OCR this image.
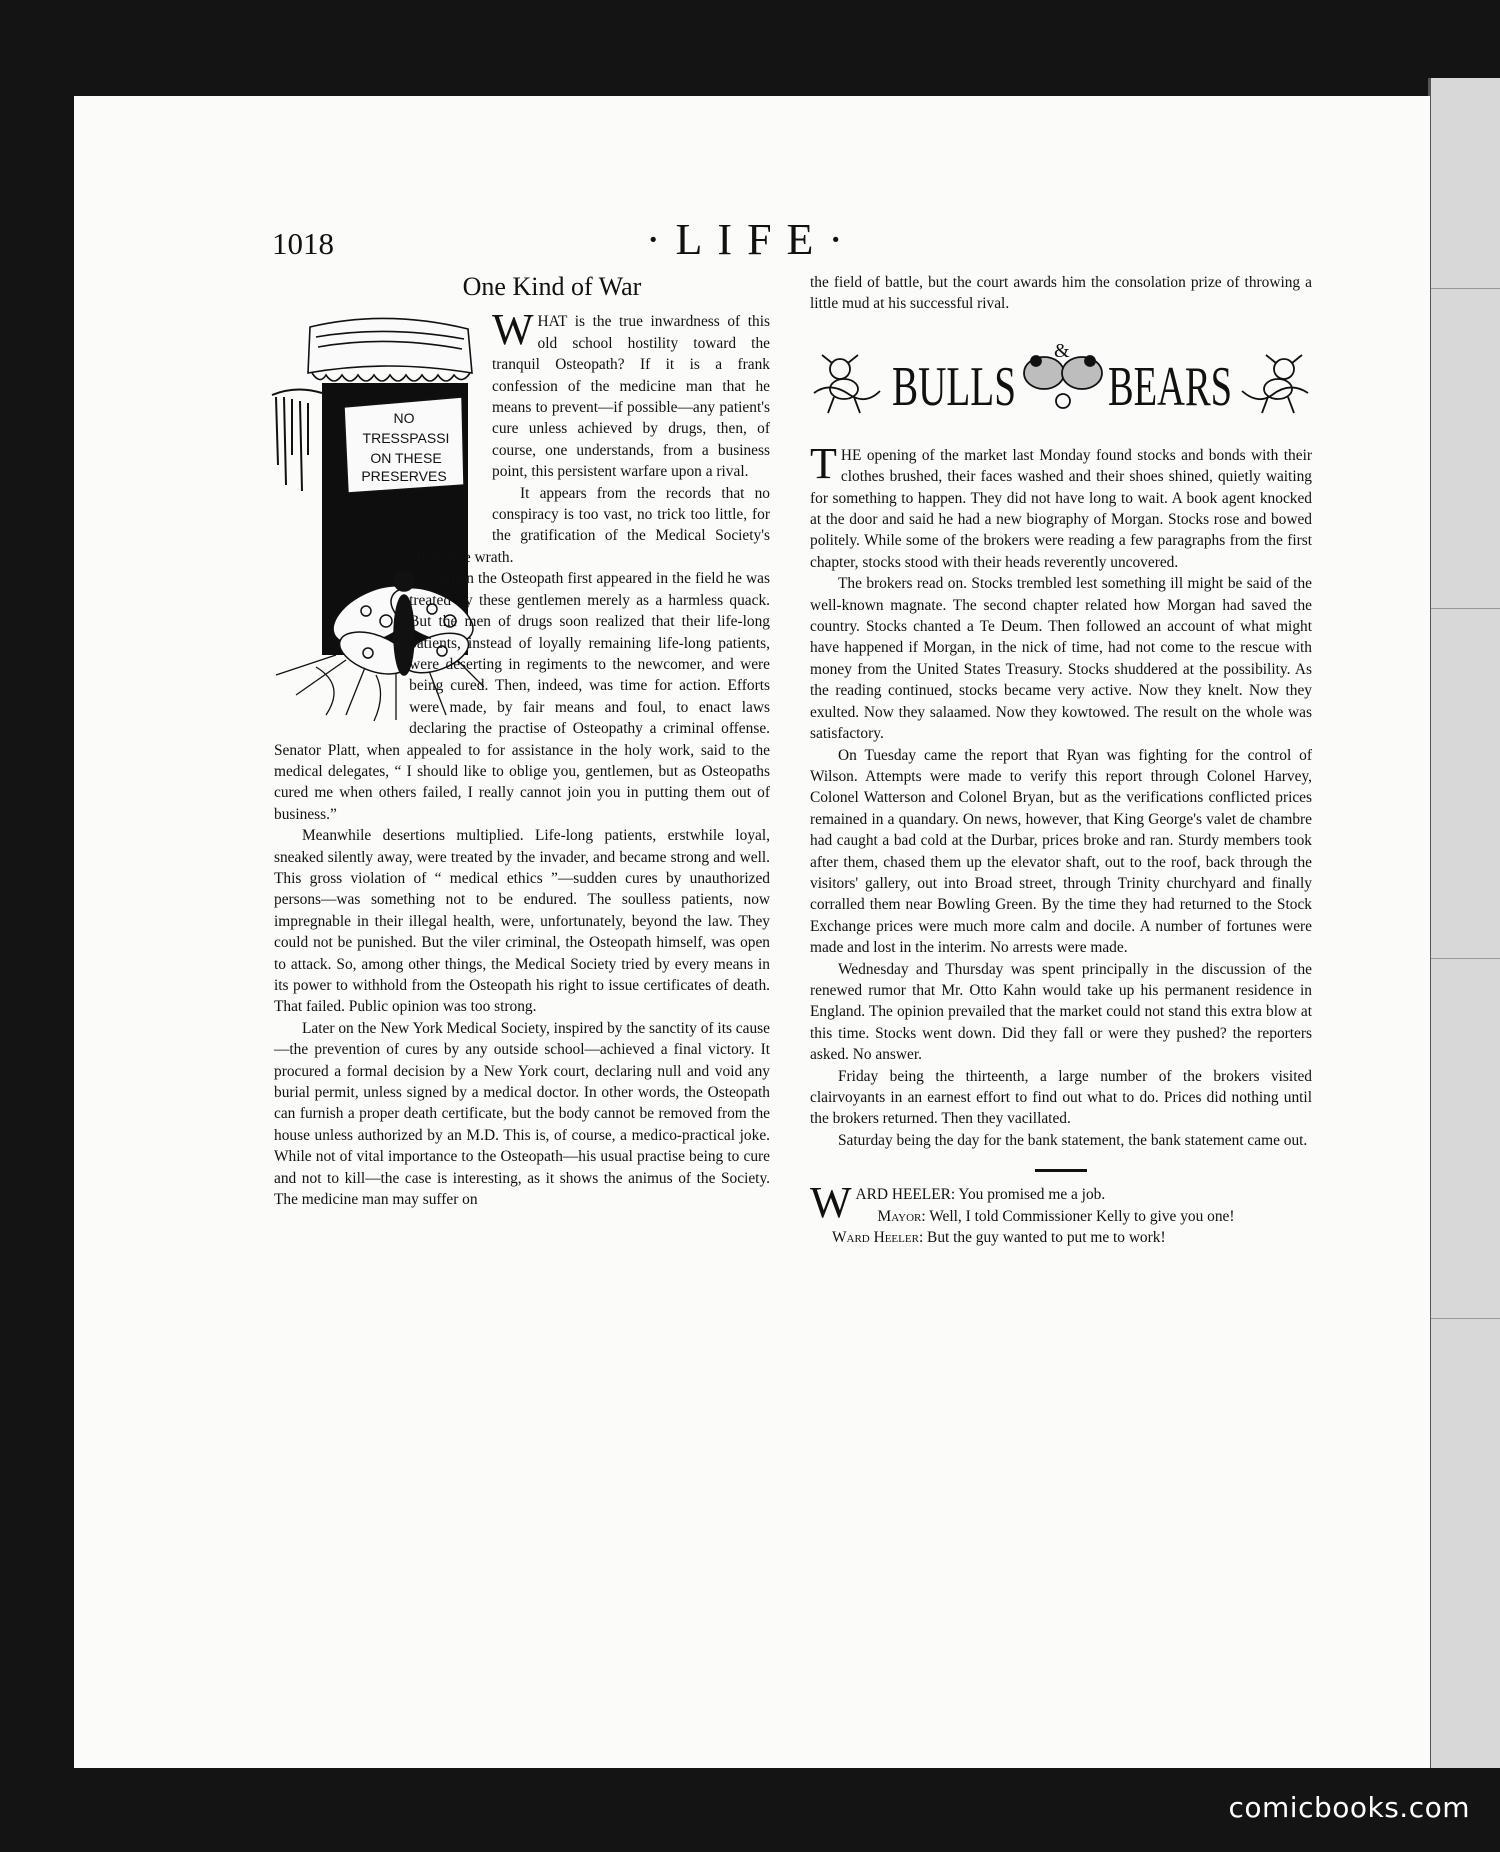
1018	·LIFE·
One Kind of War
NO
TRESSPASSI
ON THESE
PRESERVES
W HAT is the true inwardness of this old school hostility toward the tranquil Osteopath? If it is a frank confession of the medicine man that he means to prevent—if possible—any patient's cure unless achieved by drugs, then, of course, one understands, from a business point, this persistent warfare upon a rival.

It appears from the records that no conspiracy is too vast, no trick too little, for the gratification of the Medical Society's vindictive wrath.

When the Osteopath first appeared in the field he was treated by these gentlemen merely as a harmless quack. But the men of drugs soon realized that their life-long patients, instead of loyally remaining life-long patients, were deserting in regiments to the newcomer, and were being cured. Then, indeed, was time for action. Efforts were made, by fair means and foul, to enact laws declaring the practise of Osteopathy a criminal offense. Senator Platt, when appealed to for assistance in the holy work, said to the medical delegates, “ I should like to oblige you, gentlemen, but as Osteopaths cured me when others failed, I really cannot join you in putting them out of business.”

Meanwhile desertions multiplied. Life-long patients, erstwhile loyal, sneaked silently away, were treated by the invader, and became strong and well. This gross violation of “ medical ethics ”—sudden cures by unauthorized persons—was something not to be endured. The soulless patients, now impregnable in their illegal health, were, unfortunately, beyond the law. They could not be punished. But the viler criminal, the Osteopath himself, was open to attack. So, among other things, the Medical Society tried by every means in its power to withhold from the Osteopath his right to issue certificates of death. That failed. Public opinion was too strong.

Later on the New York Medical Society, inspired by the sanctity of its cause—the prevention of cures by any outside school—achieved a final victory. It procured a formal decision by a New York court, declaring null and void any burial permit, unless signed by a medical doctor. In other words, the Osteopath can furnish a proper death certificate, but the body cannot be removed from the house unless authorized by an M.D. This is, of course, a medico-practical joke. While not of vital importance to the Osteopath—his usual practise being to cure and not to kill—the case is interesting, as it shows the animus of the Society. The medicine man may suffer on

the field of battle, but the court awards him the consolation prize of throwing a little mud at his successful rival.

BULLS
&
BEARS
T HE opening of the market last Monday found stocks and bonds with their clothes brushed, their faces washed and their shoes shined, quietly waiting for something to happen. They did not have long to wait. A book agent knocked at the door and said he had a new biography of Morgan. Stocks rose and bowed politely. While some of the brokers were reading a few paragraphs from the first chapter, stocks stood with their heads reverently uncovered.

The brokers read on. Stocks trembled lest something ill might be said of the well-known magnate. The second chapter related how Morgan had saved the country. Stocks chanted a Te Deum. Then followed an account of what might have happened if Morgan, in the nick of time, had not come to the rescue with money from the United States Treasury. Stocks shuddered at the possibility. As the reading continued, stocks became very active. Now they knelt. Now they exulted. Now they salaamed. Now they kowtowed. The result on the whole was satisfactory.

On Tuesday came the report that Ryan was fighting for the control of Wilson. Attempts were made to verify this report through Colonel Harvey, Colonel Watterson and Colonel Bryan, but as the verifications conflicted prices remained in a quandary. On news, however, that King George's valet de chambre had caught a bad cold at the Durbar, prices broke and ran. Sturdy members took after them, chased them up the elevator shaft, out to the roof, back through the visitors' gallery, out into Broad street, through Trinity churchyard and finally corralled them near Bowling Green. By the time they had returned to the Stock Exchange prices were much more calm and docile. A number of fortunes were made and lost in the interim. No arrests were made.

Wednesday and Thursday was spent principally in the discussion of the renewed rumor that Mr. Otto Kahn would take up his permanent residence in England. The opinion prevailed that the market could not stand this extra blow at this time. Stocks went down. Did they fall or were they pushed? the reporters asked. No answer.

Friday being the thirteenth, a large number of the brokers visited clairvoyants in an earnest effort to find out what to do. Prices did nothing until the brokers returned. Then they vacillated.

Saturday being the day for the bank statement, the bank statement came out.

W ARD HEELER: You promised me a job.

Mayor: Well, I told Commissioner Kelly to give you one!

Ward Heeler: But the guy wanted to put me to work!

comicbooks.com
